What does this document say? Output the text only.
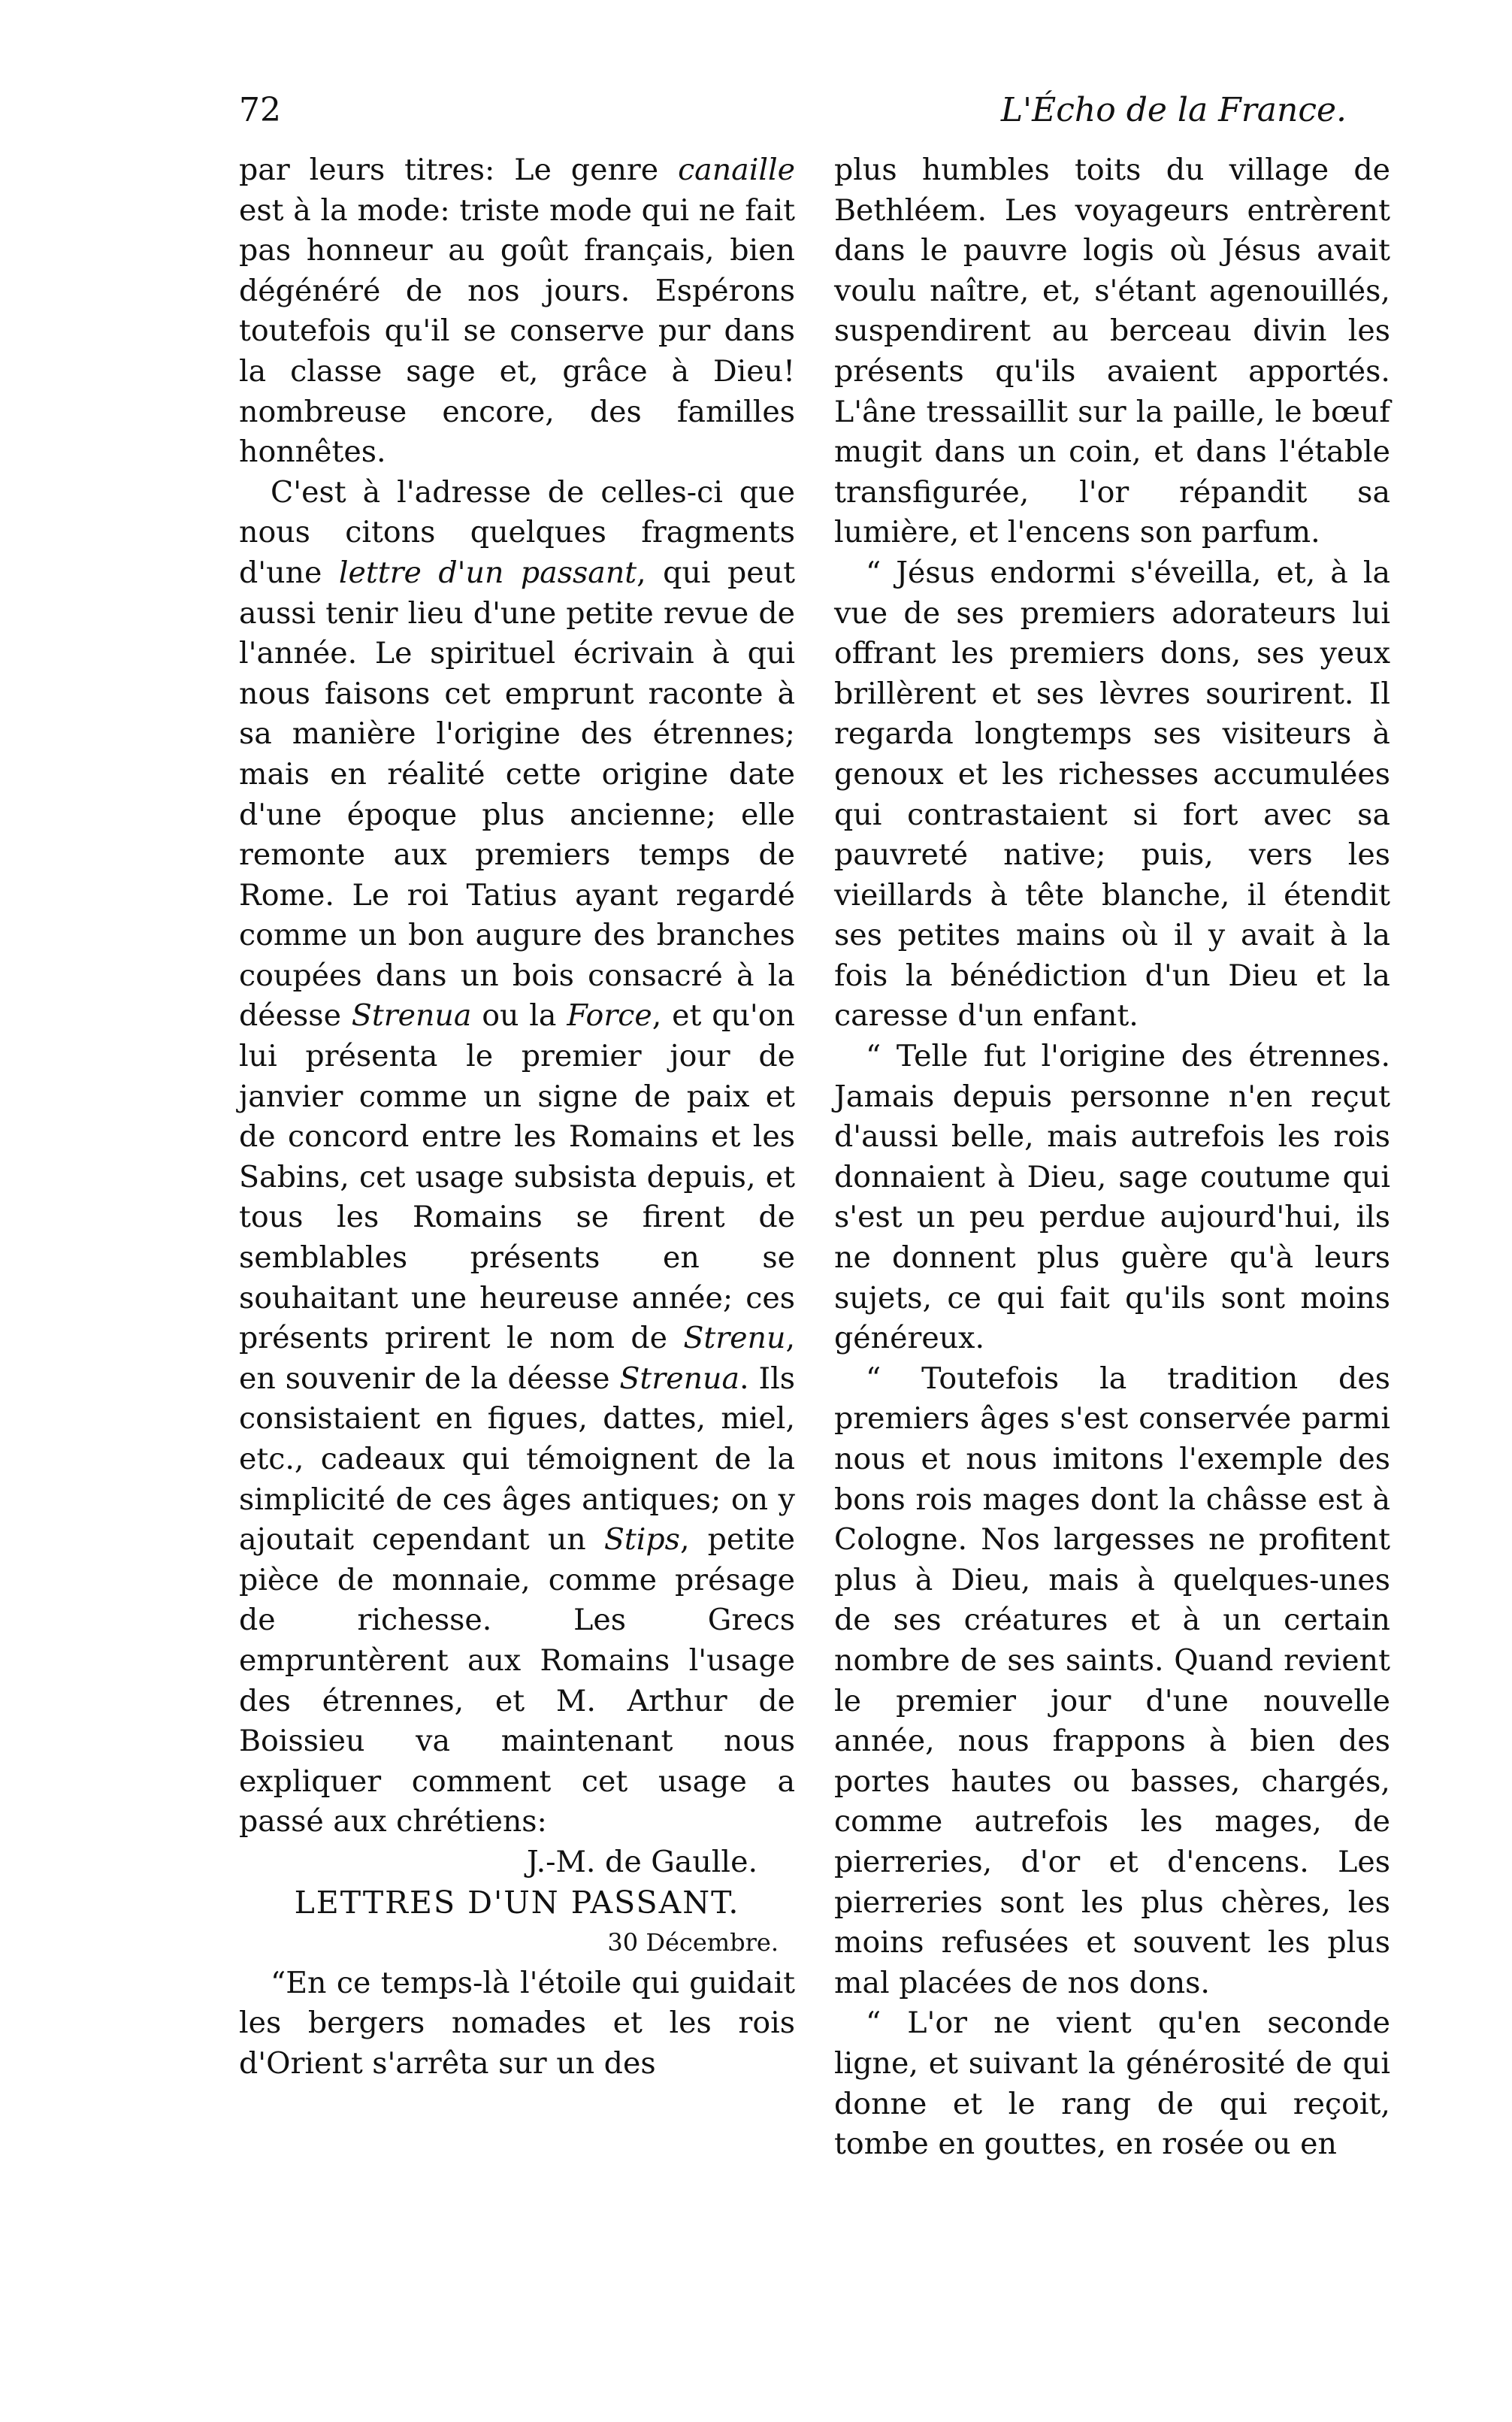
72	L'Écho de la France.

par leurs titres: Le genre canaille est à la mode: triste mode qui ne fait pas honneur au goût français, bien dégénéré de nos jours. Espérons toutefois qu'il se conserve pur dans la classe sage et, grâce à Dieu! nombreuse encore, des familles honnêtes.

C'est à l'adresse de celles-ci que nous citons quelques fragments d'une lettre d'un passant, qui peut aussi tenir lieu d'une petite revue de l'année. Le spirituel écrivain à qui nous faisons cet emprunt raconte à sa manière l'origine des étrennes; mais en réalité cette origine date d'une époque plus ancienne; elle remonte aux premiers temps de Rome. Le roi Tatius ayant regardé comme un bon augure des branches coupées dans un bois consacré à la déesse Strenua ou la Force, et qu'on lui présenta le premier jour de janvier comme un signe de paix et de concord entre les Romains et les Sabins, cet usage subsista depuis, et tous les Romains se firent de semblables présents en se souhaitant une heureuse année; ces présents prirent le nom de Strenu, en souvenir de la déesse Strenua. Ils consistaient en figues, dattes, miel, etc., cadeaux qui témoignent de la simplicité de ces âges antiques; on y ajoutait cependant un Stips, petite pièce de monnaie, comme présage de richesse. Les Grecs empruntèrent aux Romains l'usage des étrennes, et M. Arthur de Boissieu va maintenant nous expliquer comment cet usage a passé aux chrétiens:

J.-M. de Gaulle.

LETTRES D'UN PASSANT.

30 Décembre.

“En ce temps-là l'étoile qui guidait les bergers nomades et les rois d'Orient s'arrêta sur un des

plus humbles toits du village de Bethléem. Les voyageurs entrèrent dans le pauvre logis où Jésus avait voulu naître, et, s'étant agenouillés, suspendirent au berceau divin les présents qu'ils avaient apportés. L'âne tressaillit sur la paille, le bœuf mugit dans un coin, et dans l'étable transfigurée, l'or répandit sa lumière, et l'encens son parfum.

“ Jésus endormi s'éveilla, et, à la vue de ses premiers adorateurs lui offrant les premiers dons, ses yeux brillèrent et ses lèvres sourirent. Il regarda longtemps ses visiteurs à genoux et les richesses accumulées qui contrastaient si fort avec sa pauvreté native; puis, vers les vieillards à tête blanche, il étendit ses petites mains où il y avait à la fois la bénédiction d'un Dieu et la caresse d'un enfant.

“ Telle fut l'origine des étrennes. Jamais depuis personne n'en reçut d'aussi belle, mais autrefois les rois donnaient à Dieu, sage coutume qui s'est un peu perdue aujourd'hui, ils ne donnent plus guère qu'à leurs sujets, ce qui fait qu'ils sont moins généreux.

“ Toutefois la tradition des premiers âges s'est conservée parmi nous et nous imitons l'exemple des bons rois mages dont la châsse est à Cologne. Nos largesses ne profitent plus à Dieu, mais à quelques-unes de ses créatures et à un certain nombre de ses saints. Quand revient le premier jour d'une nouvelle année, nous frappons à bien des portes hautes ou basses, chargés, comme autrefois les mages, de pierreries, d'or et d'encens. Les pierreries sont les plus chères, les moins refusées et souvent les plus mal placées de nos dons.

“ L'or ne vient qu'en seconde ligne, et suivant la générosité de qui donne et le rang de qui reçoit, tombe en gouttes, en rosée ou en
